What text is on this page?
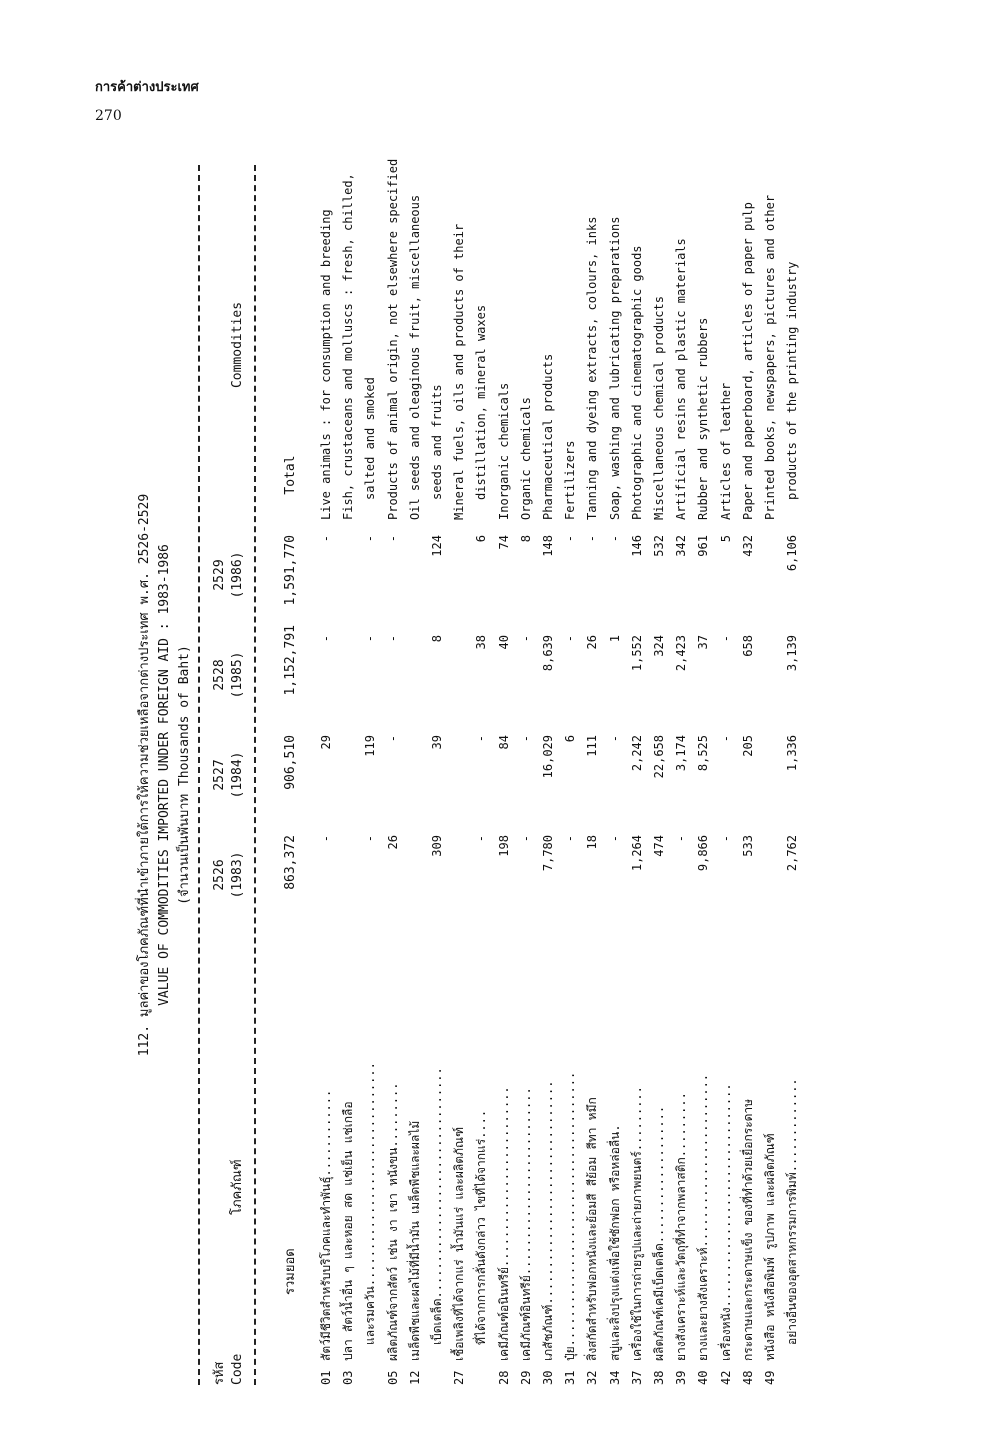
การค้าต่างประเทศ
270
112. มูลค่าของโภคภัณฑ์ที่นำเข้าภายใต้การให้ความช่วยเหลือจากต่างประเทศ พ.ศ. 2526-2529 VALUE OF COMMODITIES IMPORTED UNDER FOREIGN AID : 1983-1986 (จำนวนเป็นพันบาท Thousands of Baht)
รหัส Code
โภคภัณฑ์
2526 (1983)
2527 (1984)
2528 (1985)
2529 (1986)
Commodities
รวมยอด
863,372
906,510
1,152,791
1,591,770
Total
01
สัตว์มีชีวิตสำหรับบริโภคและทำพันธุ์............
-
29
-
-
Live animals : for consumption and breeding
03
ปลา สัตว์น้ำอื่น ๆ และหอย สด แช่เย็น แช่เกลือ
Fish, crustaceans and molluscs : fresh, chilled,
และรมควัน...............................
-
119
-
-
salted and smoked
05
ผลิตภัณฑ์จากสัตว์ เช่น งา เขา หนังขน.........
26
-
-
-
Products of animal origin, not elsewhere specified
12
เมล็ดพืชและผลไม้ที่มีน้ำมัน เมล็ดพืชและผลไม้
Oil seeds and oleaginous fruit, miscellaneous
เบ็ดเตล็ด................................
309
39
8
124
seeds and fruits
27
เชื้อเพลิงที่ได้จากแร่ น้ำมันแร่ และผลิตภัณฑ์
Mineral fuels, oils and products of their
ที่ได้จากการกลั่นดังกล่าว ไขที่ได้จากแร่....
-
-
38
6
distillation, mineral waxes
28
เคมีภัณฑ์อนินทรีย์.........................
198
84
40
74
Inorganic chemicals
29
เคมีภัณฑ์อินทรีย์..........................
-
-
-
8
Organic chemicals
30
เภสัชภัณฑ์...............................
7,780
16,029
8,639
148
Pharmaceutical products
31
ปุ๋ย......................................
-
6
-
-
Fertilizers
32
สิ่งสกัดสำหรับฟอกหนังและย้อมสี สีย้อม สีทา หมึก
18
111
26
-
Tanning and dyeing extracts, colours, inks
34
สบู่และสิ่งปรุงแต่งเพื่อใช้ซักฟอก หรือหล่อลื่น.
-
-
1
-
Soap, washing and lubricating preparations
37
เครื่องใช้ในการถ่ายรูปและถ่ายภาพยนตร์.........
1,264
2,242
1,552
146
Photographic and cinematographic goods
38
ผลิตภัณฑ์เคมีเบ็ดเตล็ด...................
474
22,658
324
532
Miscellaneous chemical products
39
ยางสังเคราะห์และวัตถุที่ทำจากพลาสติก.........
-
3,174
2,423
342
Artificial resins and plastic materials
40
ยางและยางสังเคราะห์........................
9,866
8,525
37
961
Rubber and synthetic rubbers
42
เครื่องหนัง...............................
-
-
-
5
Articles of leather
48
กระดาษและกระดาษแข็ง ของที่ทำด้วยเยื่อกระดาษ
533
205
658
432
Paper and paperboard, articles of paper pulp
49
หนังสือ หนังสือพิมพ์ รูปภาพ และผลิตภัณฑ์
Printed books, newspapers, pictures and other
อย่างอื่นของอุตสาหกรรมการพิมพ์.............
2,762
1,336
3,139
6,106
products of the printing industry
